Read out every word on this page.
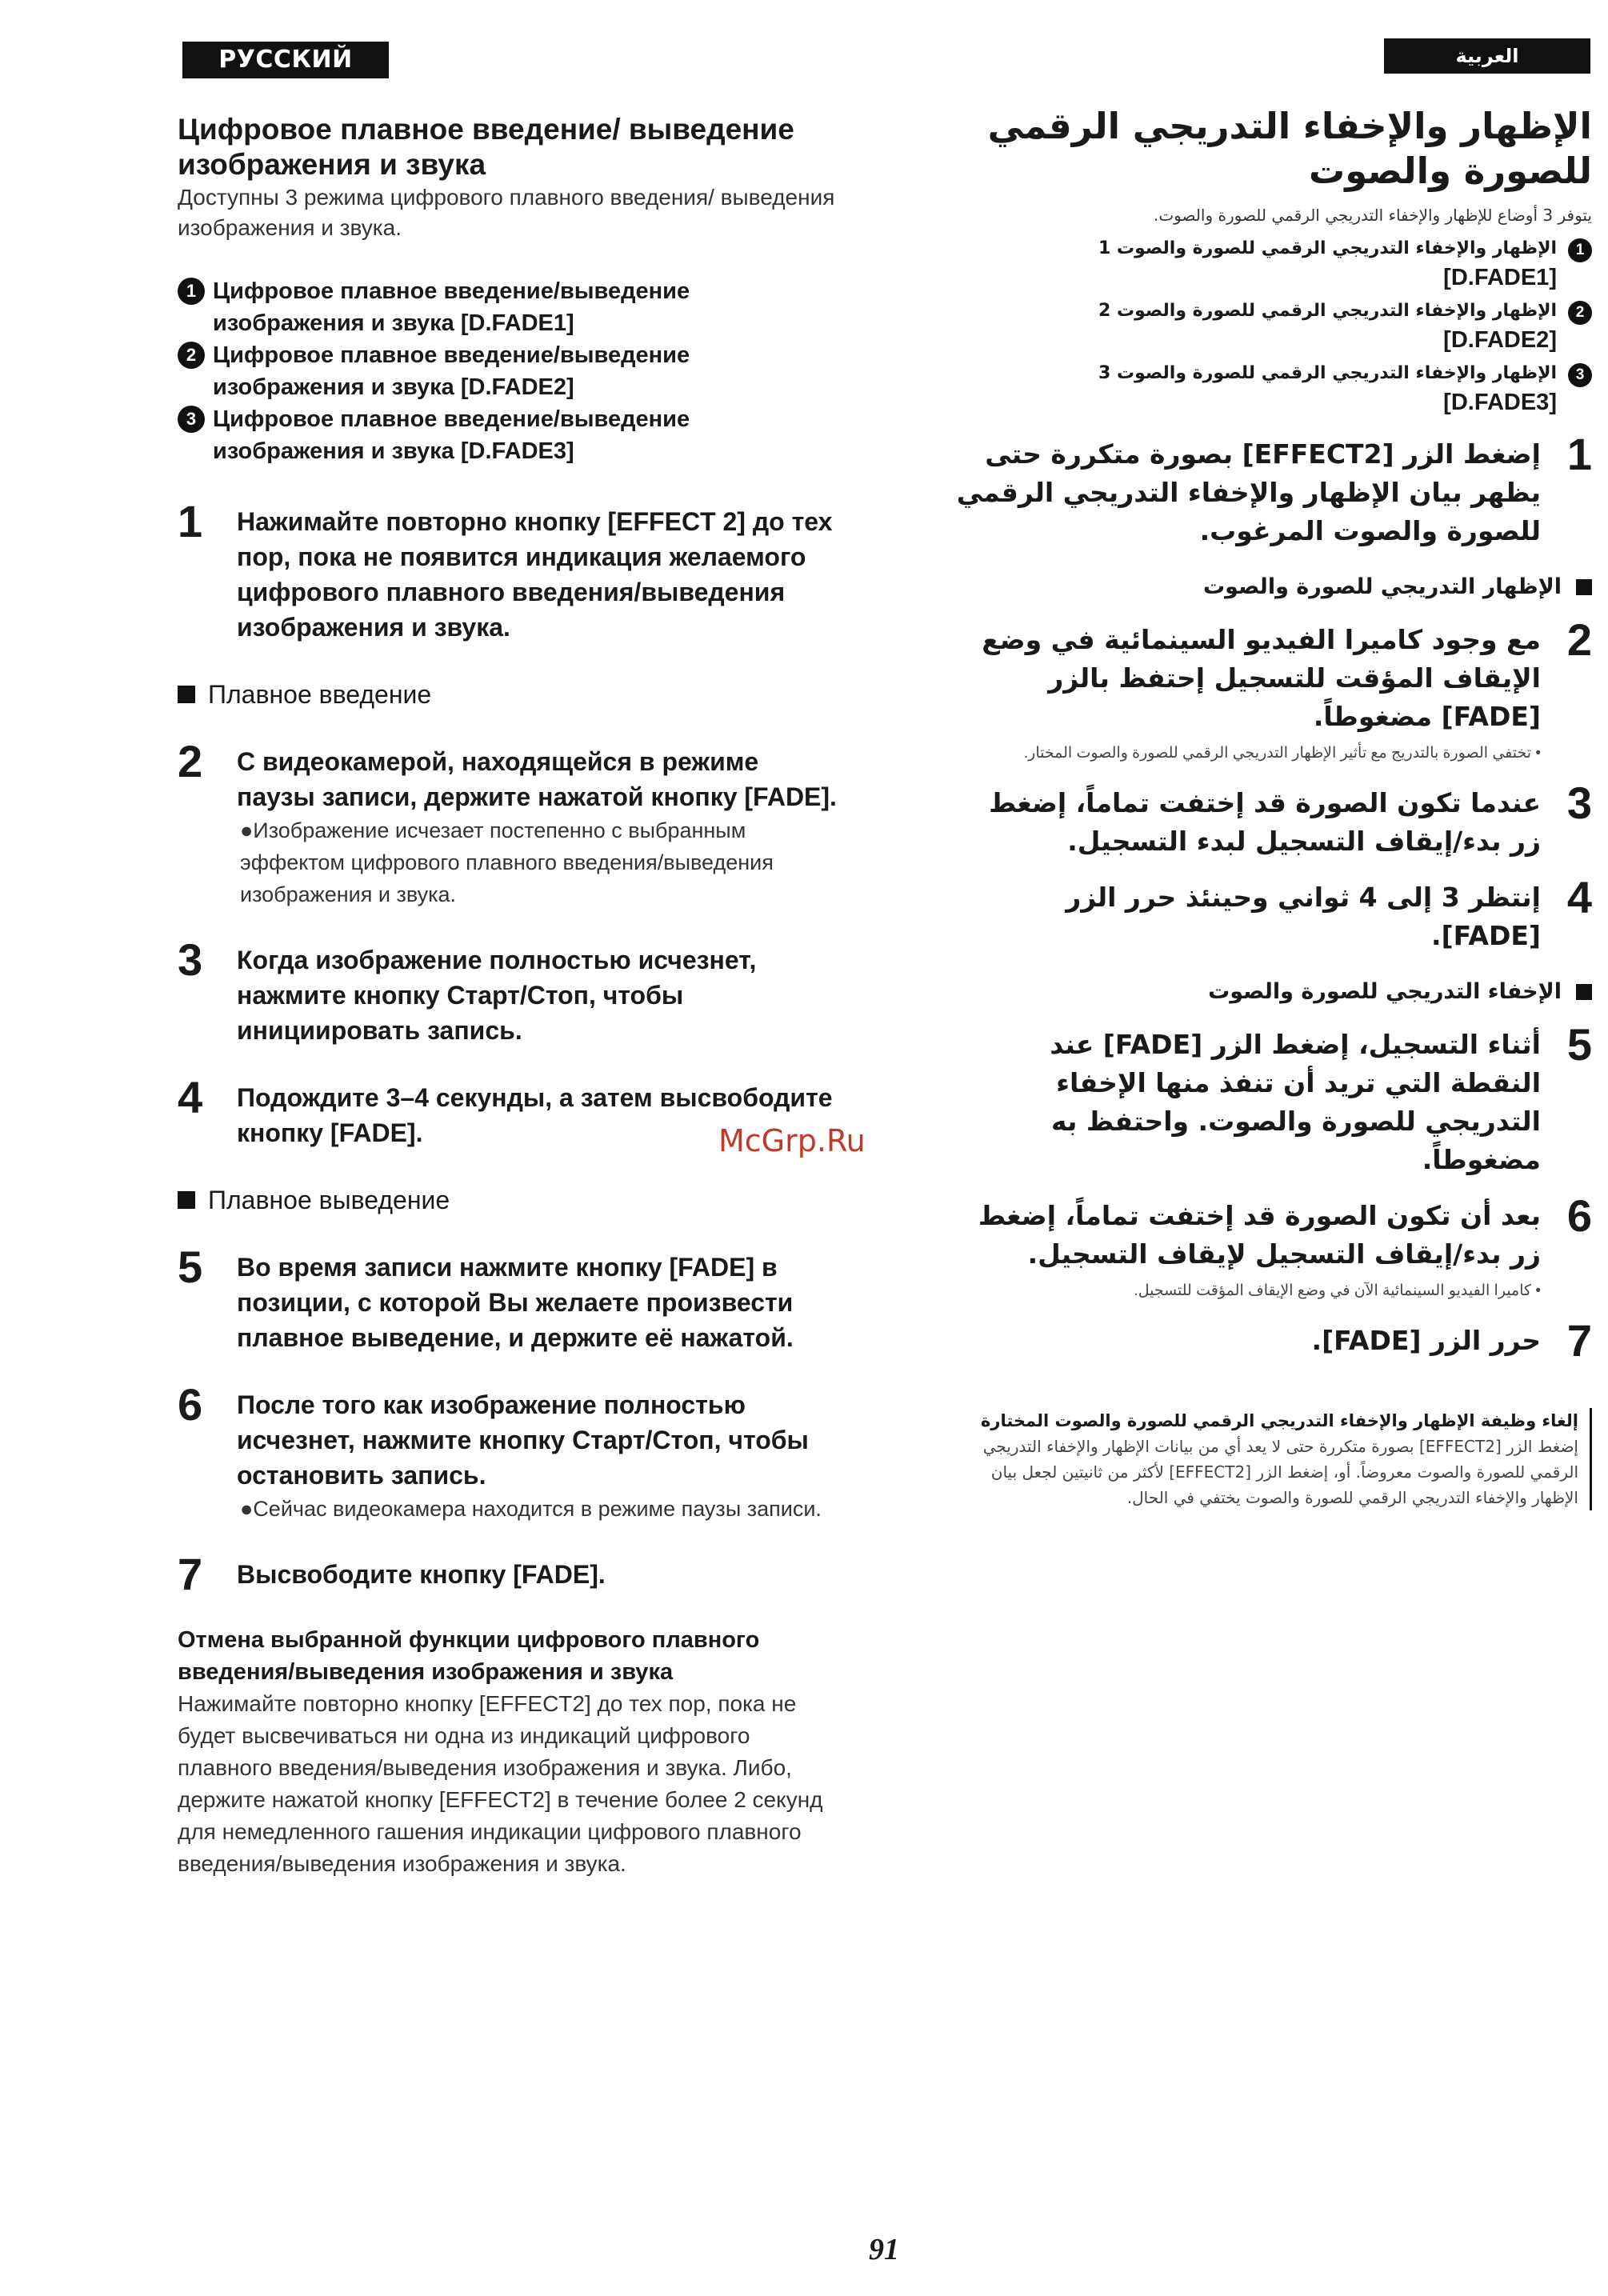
РУССКИЙ ЯЗЫК
العربية
Цифровое плавное введение/ выведение изображения и звука

Доступны 3 режима цифрового плавного введения/ выведения изображения и звука.

1 Цифровое плавное введение/выведение изображения и звука [D.FADE1]
2 Цифровое плавное введение/выведение изображения и звука [D.FADE2]
3 Цифровое плавное введение/выведение изображения и звука [D.FADE3]
1	Нажимайте повторно кнопку [EFFECT 2] до тех пор, пока не появится индикация желаемого цифрового плавного введения/выведения изображения и звука.
Плавное введение
2	С видеокамерой, находящейся в режиме паузы записи, держите нажатой кнопку [FADE].
●Изображение исчезает постепенно с выбранным эффектом цифрового плавного введения/выведения изображения и звука.
3	Когда изображение полностью исчезнет, нажмите кнопку Старт/Стоп, чтобы инициировать запись.
4	Подождите 3–4 секунды, а затем высвободите кнопку [FADE].
Плавное выведение
5	Во время записи нажмите кнопку [FADE] в позиции, с которой Вы желаете произвести плавное выведение, и держите её нажатой.
6	После того как изображение полностью исчезнет, нажмите кнопку Старт/Стоп, чтобы остановить запись.
●Сейчас видеокамера находится в режиме паузы записи.
7	Высвободите кнопку [FADE].
Отмена выбранной функции цифрового плавного введения/выведения изображения и звука
Нажимайте повторно кнопку [EFFECT2] до тех пор, пока не будет высвечиваться ни одна из индикаций цифрового плавного введения/выведения изображения и звука. Либо, держите нажатой кнопку [EFFECT2] в течение более 2 секунд для немедленного гашения индикации цифрового плавного введения/выведения изображения и звука.
الإظهار والإخفاء التدريجي الرقمي للصورة والصوت
يتوفر 3 أوضاع للإظهار والإخفاء التدريجي الرقمي للصورة والصوت.
1
الإظهار والإخفاء التدريجي الرقمي للصورة والصوت 1
[D.FADE1]
2
الإظهار والإخفاء التدريجي الرقمي للصورة والصوت 2
[D.FADE2]
3
الإظهار والإخفاء التدريجي الرقمي للصورة والصوت 3
[D.FADE3]
1
إضغط الزر [EFFECT2] بصورة متكررة حتى يظهر بيان الإظهار والإخفاء التدريجي الرقمي للصورة والصوت المرغوب.
الإظهار التدريجي للصورة والصوت
2
مع وجود كاميرا الفيديو السينمائية في وضع الإيقاف المؤقت للتسجيل إحتفظ بالزر [FADE] مضغوطاً.
• تختفي الصورة بالتدريج مع تأثير الإظهار التدريجي الرقمي للصورة والصوت المختار.
3
عندما تكون الصورة قد إختفت تماماً، إضغط زر بدء/إيقاف التسجيل لبدء التسجيل.
4
إنتظر 3 إلى 4 ثواني وحينئذ حرر الزر [FADE].
الإخفاء التدريجي للصورة والصوت
5
أثناء التسجيل، إضغط الزر [FADE] عند النقطة التي تريد أن تنفذ منها الإخفاء التدريجي للصورة والصوت. واحتفظ به مضغوطاً.
6
بعد أن تكون الصورة قد إختفت تماماً، إضغط زر بدء/إيقاف التسجيل لإيقاف التسجيل.
• كاميرا الفيديو السينمائية الآن في وضع الإيقاف المؤقت للتسجيل.
7
حرر الزر [FADE].
إلغاء وظيفة الإظهار والإخفاء التدريجي الرقمي للصورة والصوت المختارة
إضغط الزر [EFFECT2] بصورة متكررة حتى لا يعد أي من بيانات الإظهار والإخفاء التدريجي الرقمي للصورة والصوت معروضاً. أو، إضغط الزر [EFFECT2] لأكثر من ثانيتين لجعل بيان الإظهار والإخفاء التدريجي الرقمي للصورة والصوت يختفي في الحال.
McGrp.Ru
91
